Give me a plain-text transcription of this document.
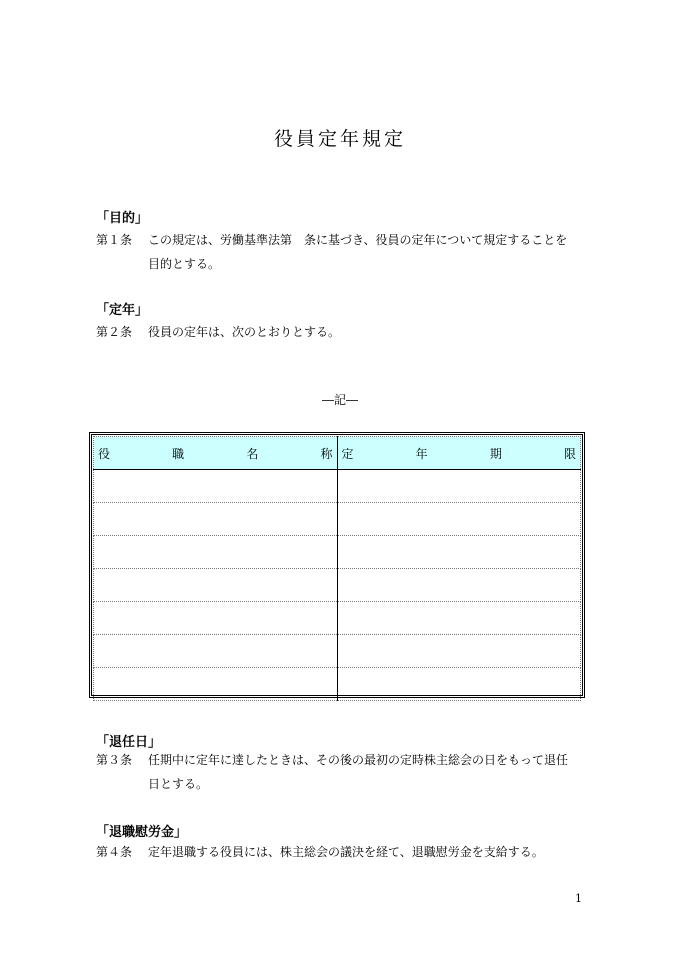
役員定年規定
「目的」
第１条 この規定は、労働基準法第　条に基づき、役員の定年について規定することを
目的とする。
「定年」
第２条 役員の定年は、次のとおりとする。
―記―
役 職 名 称	定 年 期 限

「退任日」
第３条 任期中に定年に達したときは、その後の最初の定時株主総会の日をもって退任
日とする。
「退職慰労金」
第４条 定年退職する役員には、株主総会の議決を経て、退職慰労金を支給する。
1
